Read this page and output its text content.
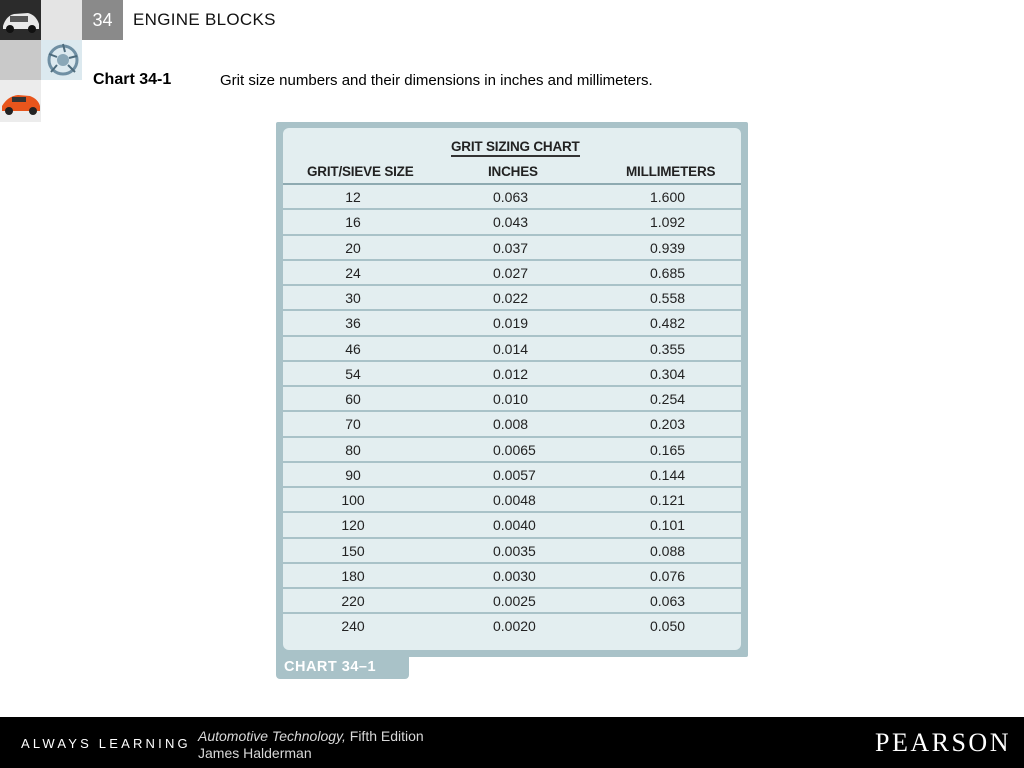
34	ENGINE BLOCKS
Chart 34-1	Grit size numbers and their dimensions in inches and millimeters.
GRIT SIZING CHART
GRIT/SIEVE SIZE	INCHES	MILLIMETERS
12	0.063	1.600
16	0.043	1.092
20	0.037	0.939
24	0.027	0.685
30	0.022	0.558
36	0.019	0.482
46	0.014	0.355
54	0.012	0.304
60	0.010	0.254
70	0.008	0.203
80	0.0065	0.165
90	0.0057	0.144
100	0.0048	0.121
120	0.0040	0.101
150	0.0035	0.088
180	0.0030	0.076
220	0.0025	0.063
240	0.0020	0.050
CHART 34–1
ALWAYS LEARNING Automotive Technology, Fifth Edition
James Halderman	PEARSON
